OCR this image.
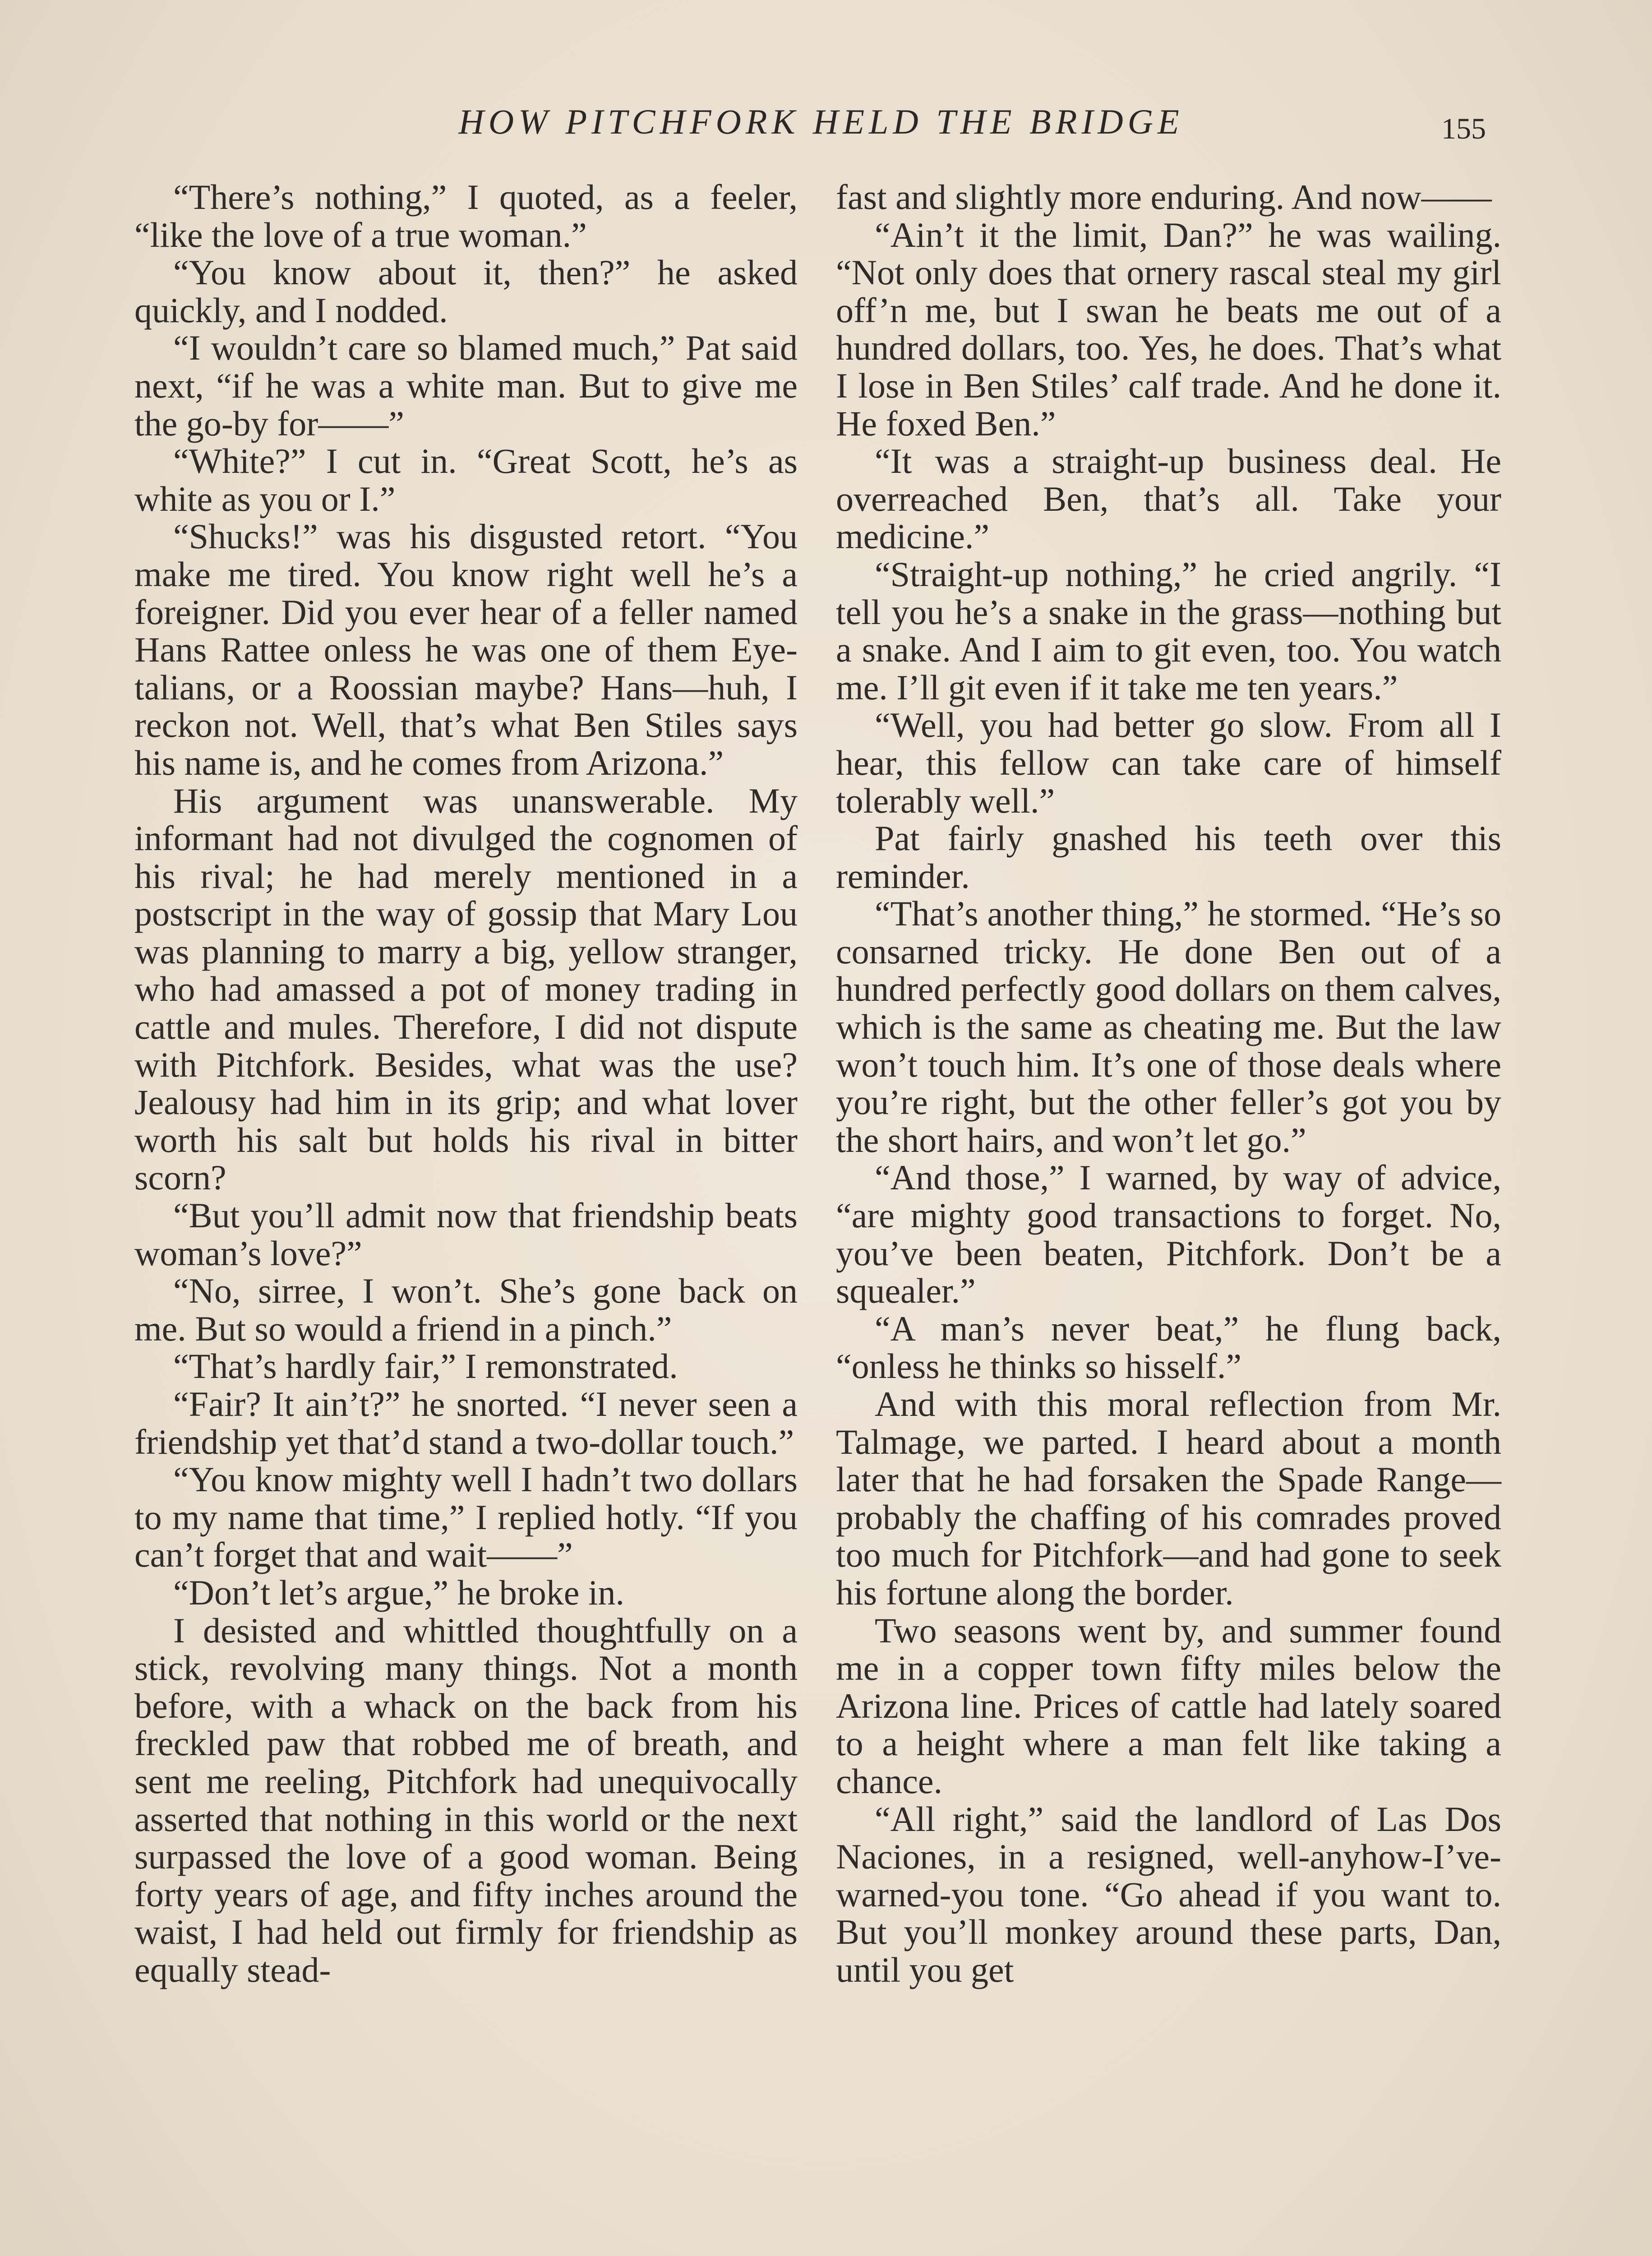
HOW PITCHFORK HELD THE BRIDGE	155

“There’s nothing,” I quoted, as a feeler, “like the love of a true woman.”

“You know about it, then?” he asked quickly, and I nodded.

“I wouldn’t care so blamed much,” Pat said next, “if he was a white man. But to give me the go-by for——”

“White?” I cut in. “Great Scott, he’s as white as you or I.”

“Shucks!” was his disgusted retort. “You make me tired. You know right well he’s a foreigner. Did you ever hear of a feller named Hans Rattee onless he was one of them Eye-talians, or a Roossian maybe? Hans—huh, I reckon not. Well, that’s what Ben Stiles says his name is, and he comes from Arizona.”

His argument was unanswerable. My informant had not divulged the cognomen of his rival; he had merely mentioned in a postscript in the way of gossip that Mary Lou was planning to marry a big, yellow stranger, who had amassed a pot of money trading in cattle and mules. Therefore, I did not dispute with Pitchfork. Besides, what was the use? Jealousy had him in its grip; and what lover worth his salt but holds his rival in bitter scorn?

“But you’ll admit now that friendship beats woman’s love?”

“No, sirree, I won’t. She’s gone back on me. But so would a friend in a pinch.”

“That’s hardly fair,” I remonstrated.

“Fair? It ain’t?” he snorted. “I never seen a friendship yet that’d stand a two-dollar touch.”

“You know mighty well I hadn’t two dollars to my name that time,” I replied hotly. “If you can’t forget that and wait——”

“Don’t let’s argue,” he broke in.

I desisted and whittled thoughtfully on a stick, revolving many things. Not a month before, with a whack on the back from his freckled paw that robbed me of breath, and sent me reeling, Pitchfork had unequivocally asserted that nothing in this world or the next surpassed the love of a good woman. Being forty years of age, and fifty inches around the waist, I had held out firmly for friendship as equally stead-

fast and slightly more enduring. And now——

“Ain’t it the limit, Dan?” he was wailing. “Not only does that ornery rascal steal my girl off’n me, but I swan he beats me out of a hundred dollars, too. Yes, he does. That’s what I lose in Ben Stiles’ calf trade. And he done it. He foxed Ben.”

“It was a straight-up business deal. He overreached Ben, that’s all. Take your medicine.”

“Straight-up nothing,” he cried angrily. “I tell you he’s a snake in the grass—nothing but a snake. And I aim to git even, too. You watch me. I’ll git even if it take me ten years.”

“Well, you had better go slow. From all I hear, this fellow can take care of himself tolerably well.”

Pat fairly gnashed his teeth over this reminder.

“That’s another thing,” he stormed. “He’s so consarned tricky. He done Ben out of a hundred perfectly good dollars on them calves, which is the same as cheating me. But the law won’t touch him. It’s one of those deals where you’re right, but the other feller’s got you by the short hairs, and won’t let go.”

“And those,” I warned, by way of advice, “are mighty good transactions to forget. No, you’ve been beaten, Pitchfork. Don’t be a squealer.”

“A man’s never beat,” he flung back, “onless he thinks so hisself.”

And with this moral reflection from Mr. Talmage, we parted. I heard about a month later that he had forsaken the Spade Range—probably the chaffing of his comrades proved too much for Pitchfork—and had gone to seek his fortune along the border.

Two seasons went by, and summer found me in a copper town fifty miles below the Arizona line. Prices of cattle had lately soared to a height where a man felt like taking a chance.

“All right,” said the landlord of Las Dos Naciones, in a resigned, well-anyhow-I’ve-warned-you tone. “Go ahead if you want to. But you’ll monkey around these parts, Dan, until you get
